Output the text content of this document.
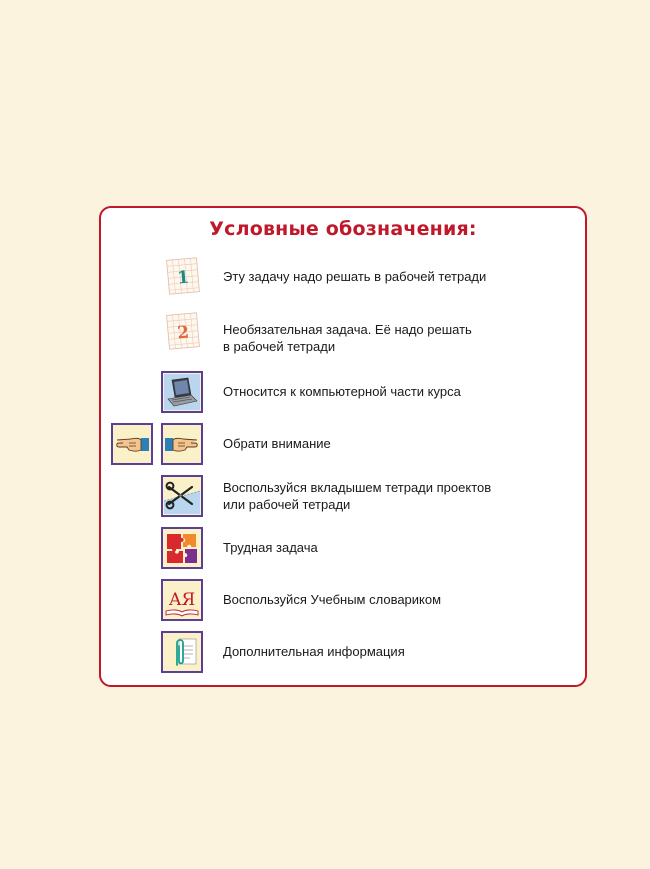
Условные обозначения:
1	Эту задачу надо решать в рабочей тетради
2	Необязательная задача. Её надо решать
в рабочей тетради
Относится к компьютерной части курса
Обрати внимание
Воспользуйся вкладышем тетради проектов
или рабочей тетради
Трудная задача
АЯ Воспользуйся Учебным словариком
Дополнительная информация
